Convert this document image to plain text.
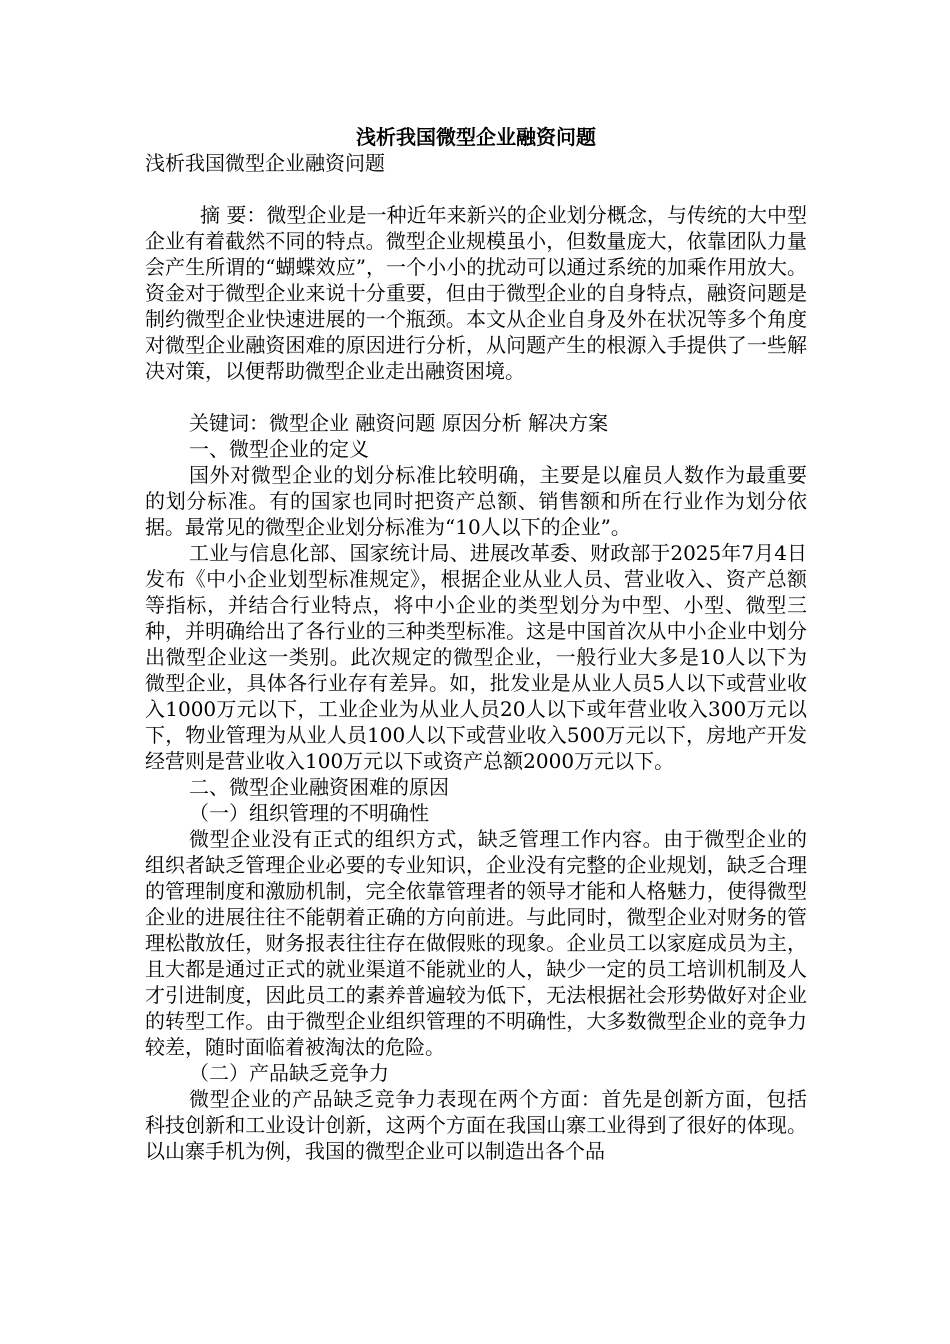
浅析我国微型企业融资问题
浅析我国微型企业融资问题

摘 要：微型企业是一种近年来新兴的企业划分概念，与传统的大中型企业有着截然不同的特点。微型企业规模虽小，但数量庞大，依靠团队力量会产生所谓的“蝴蝶效应”，一个小小的扰动可以通过系统的加乘作用放大。资金对于微型企业来说十分重要，但由于微型企业的自身特点，融资问题是制约微型企业快速进展的一个瓶颈。本文从企业自身及外在状况等多个角度对微型企业融资困难的原因进行分析，从问题产生的根源入手提供了一些解决对策，以便帮助微型企业走出融资困境。

关键词：微型企业 融资问题 原因分析 解决方案

一、微型企业的定义

国外对微型企业的划分标准比较明确，主要是以雇员人数作为最重要的划分标准。有的国家也同时把资产总额、销售额和所在行业作为划分依据。最常见的微型企业划分标准为“10人以下的企业”。

工业与信息化部、国家统计局、进展改革委、财政部于2025年7月4日发布《中小企业划型标准规定》，根据企业从业人员、营业收入、资产总额等指标，并结合行业特点，将中小企业的类型划分为中型、小型、微型三种，并明确给出了各行业的三种类型标准。这是中国首次从中小企业中划分出微型企业这一类别。此次规定的微型企业，一般行业大多是10人以下为微型企业，具体各行业存有差异。如，批发业是从业人员5人以下或营业收入1000万元以下，工业企业为从业人员20人以下或年营业收入300万元以下，物业管理为从业人员100人以下或营业收入500万元以下，房地产开发经营则是营业收入100万元以下或资产总额2000万元以下。

二、微型企业融资困难的原因

（一）组织管理的不明确性

微型企业没有正式的组织方式，缺乏管理工作内容。由于微型企业的组织者缺乏管理企业必要的专业知识，企业没有完整的企业规划，缺乏合理的管理制度和激励机制，完全依靠管理者的领导才能和人格魅力，使得微型企业的进展往往不能朝着正确的方向前进。与此同时，微型企业对财务的管理松散放任，财务报表往往存在做假账的现象。企业员工以家庭成员为主，且大都是通过正式的就业渠道不能就业的人，缺少一定的员工培训机制及人才引进制度，因此员工的素养普遍较为低下，无法根据社会形势做好对企业的转型工作。由于微型企业组织管理的不明确性，大多数微型企业的竞争力较差，随时面临着被淘汰的危险。

（二）产品缺乏竞争力

微型企业的产品缺乏竞争力表现在两个方面：首先是创新方面，包括科技创新和工业设计创新，这两个方面在我国山寨工业得到了很好的体现。以山寨手机为例，我国的微型企业可以制造出各个品
